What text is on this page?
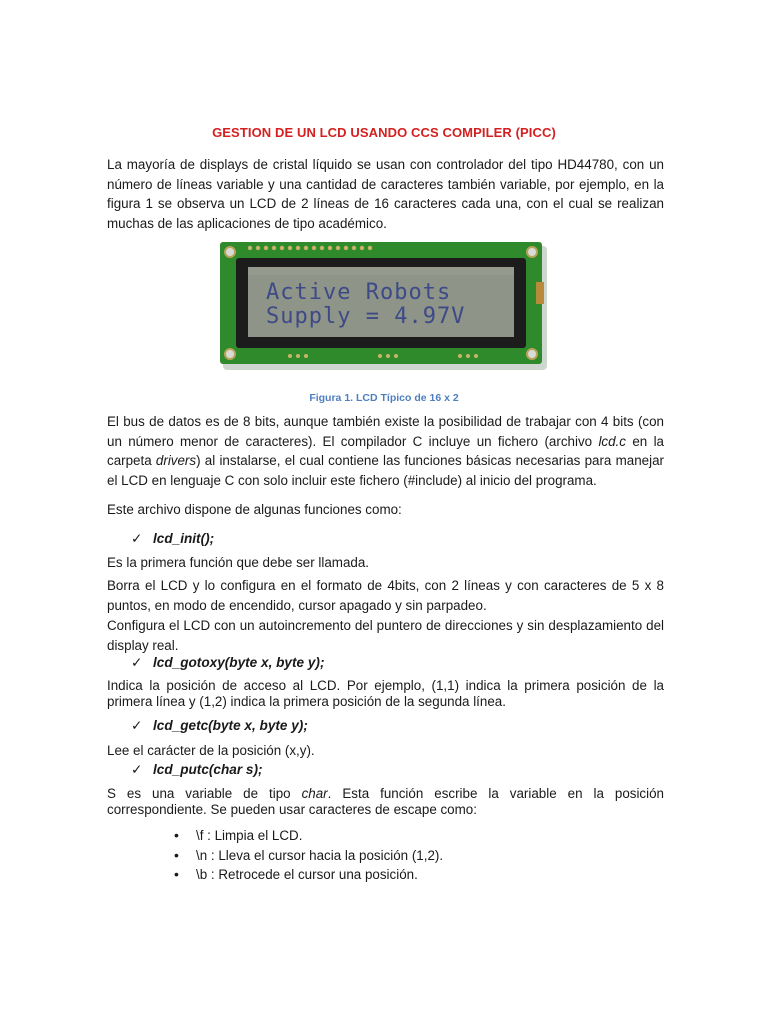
GESTION DE UN LCD USANDO CCS COMPILER (PICC)
La mayoría de displays de cristal líquido se usan con controlador del tipo HD44780, con un número de líneas variable y una cantidad de caracteres también variable, por ejemplo, en la figura 1 se observa un LCD de 2 líneas de 16 caracteres cada una, con el cual se realizan muchas de las aplicaciones de tipo académico.
Active Robots
Supply = 4.97V
Figura 1. LCD Típico de 16 x 2
El bus de datos es de 8 bits, aunque también existe la posibilidad de trabajar con 4 bits (con un número menor de caracteres). El compilador C incluye un fichero (archivo lcd.c en la carpeta drivers) al instalarse, el cual contiene las funciones básicas necesarias para manejar el LCD en lenguaje C con solo incluir este fichero (#include) al inicio del programa.
Este archivo dispone de algunas funciones como:
✓ lcd_init();
Es la primera función que debe ser llamada.
Borra el LCD y lo configura en el formato de 4bits, con 2 líneas y con caracteres de 5 x 8 puntos, en modo de encendido, cursor apagado y sin parpadeo.
Configura el LCD con un autoincremento del puntero de direcciones y sin desplazamiento del display real.
✓ lcd_gotoxy(byte x, byte y);
Indica la posición de acceso al LCD. Por ejemplo, (1,1) indica la primera posición de la primera línea y (1,2) indica la primera posición de la segunda línea.
✓ lcd_getc(byte x, byte y);
Lee el carácter de la posición (x,y).
✓ lcd_putc(char s);
S es una variable de tipo char. Esta función escribe la variable en la posición correspondiente. Se pueden usar caracteres de escape como:
• \f : Limpia el LCD.
• \n : Lleva el cursor hacia la posición (1,2).
• \b : Retrocede el cursor una posición.
